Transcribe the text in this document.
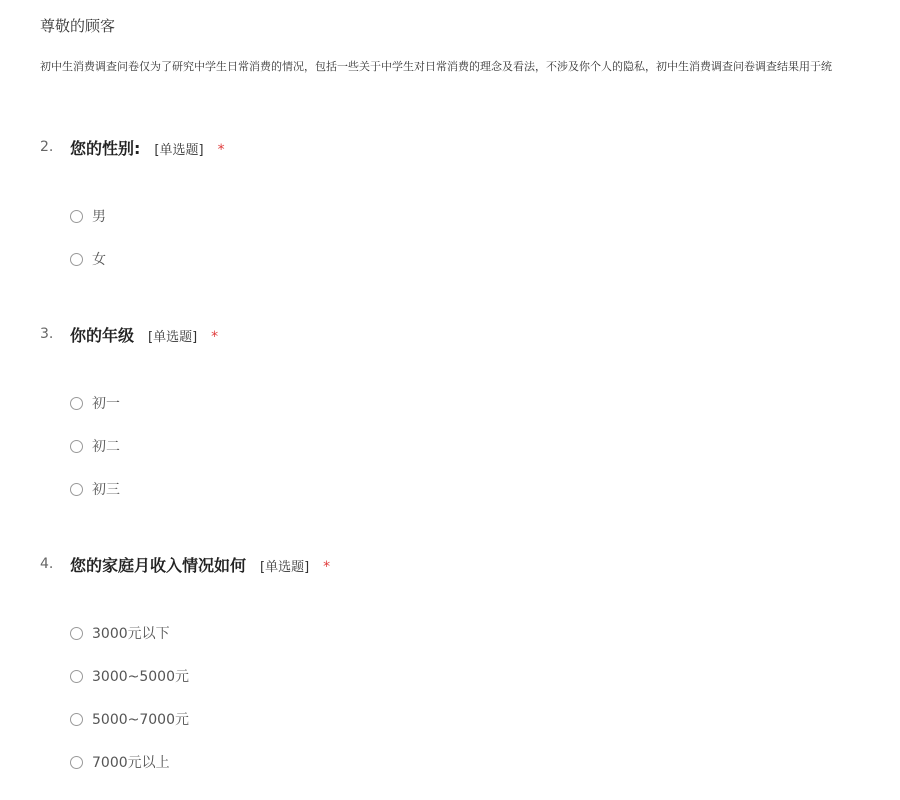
尊敬的顾客
初中生消费调查问卷仅为了研究中学生日常消费的情况，包括一些关于中学生对日常消费的理念及看法，不涉及你个人的隐私，初中生消费调查问卷调查结果用于统
2. 您的性别: [单选题] *
男
女
3. 你的年级 [单选题] *
初一
初二
初三
4. 您的家庭月收入情况如何 [单选题] *
3000元以下
3000~5000元
5000~7000元
7000元以上
